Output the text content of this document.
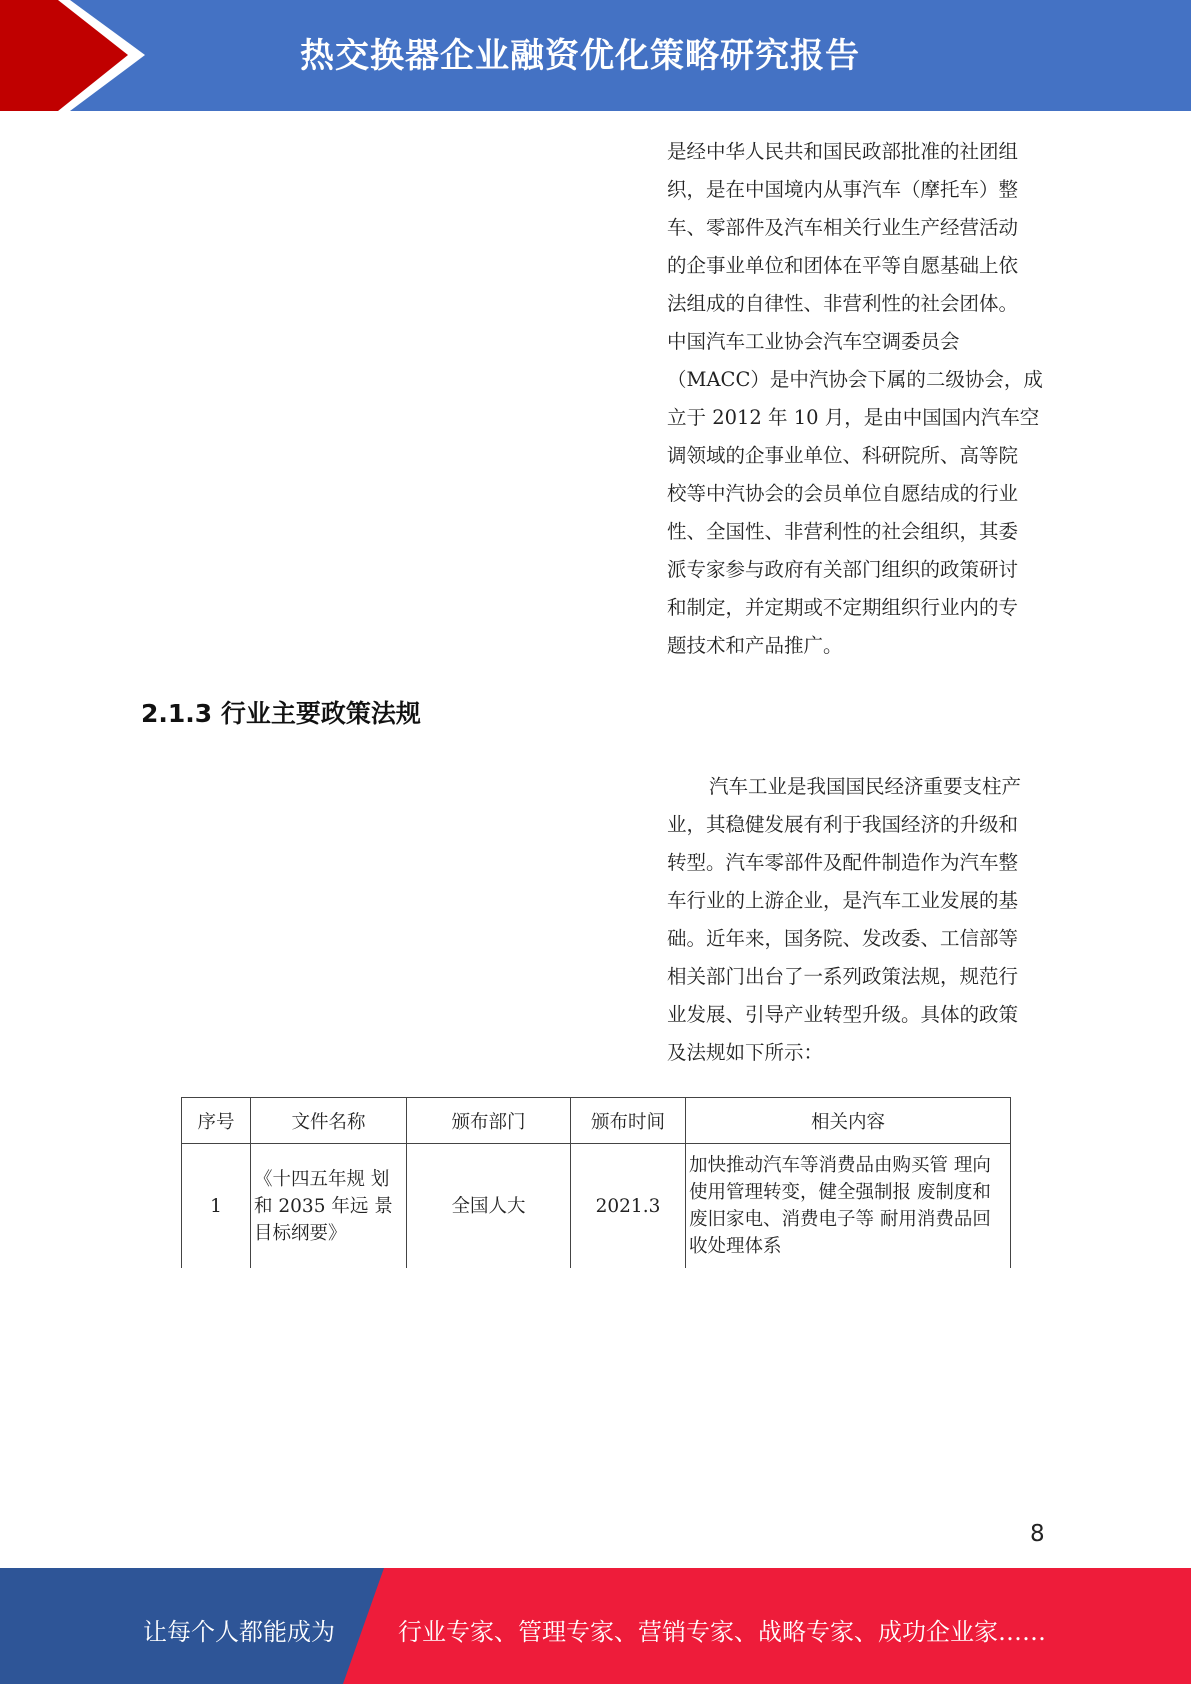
热交换器企业融资优化策略研究报告

是经中华人民共和国民政部批准的社团组

织，是在中国境内从事汽车（摩托车）整

车、零部件及汽车相关行业生产经营活动

的企事业单位和团体在平等自愿基础上依

法组成的自律性、非营利性的社会团体。

中国汽车工业协会汽车空调委员会

（MACC）是中汽协会下属的二级协会，成

立于 2012 年 10 月，是由中国国内汽车空

调领域的企事业单位、科研院所、高等院

校等中汽协会的会员单位自愿结成的行业

性、全国性、非营利性的社会组织，其委

派专家参与政府有关部门组织的政策研讨

和制定，并定期或不定期组织行业内的专

题技术和产品推广。

2.1.3 行业主要政策法规

汽车工业是我国国民经济重要支柱产

业，其稳健发展有利于我国经济的升级和

转型。汽车零部件及配件制造作为汽车整

车行业的上游企业，是汽车工业发展的基

础。近年来，国务院、发改委、工信部等

相关部门出台了一系列政策法规，规范行

业发展、引导产业转型升级。具体的政策

及法规如下所示：

序号	文件名称	颁布部门	颁布时间	相关内容
1	《十四五年规 划和 2035 年远 景目标纲要》	全国人大	2021.3	加快推动汽车等消费品由购买管 理向使用管理转变，健全强制报 废制度和废旧家电、消费电子等 耐用消费品回收处理体系
8
让每个人都能成为	行业专家、管理专家、营销专家、战略专家、成功企业家……
